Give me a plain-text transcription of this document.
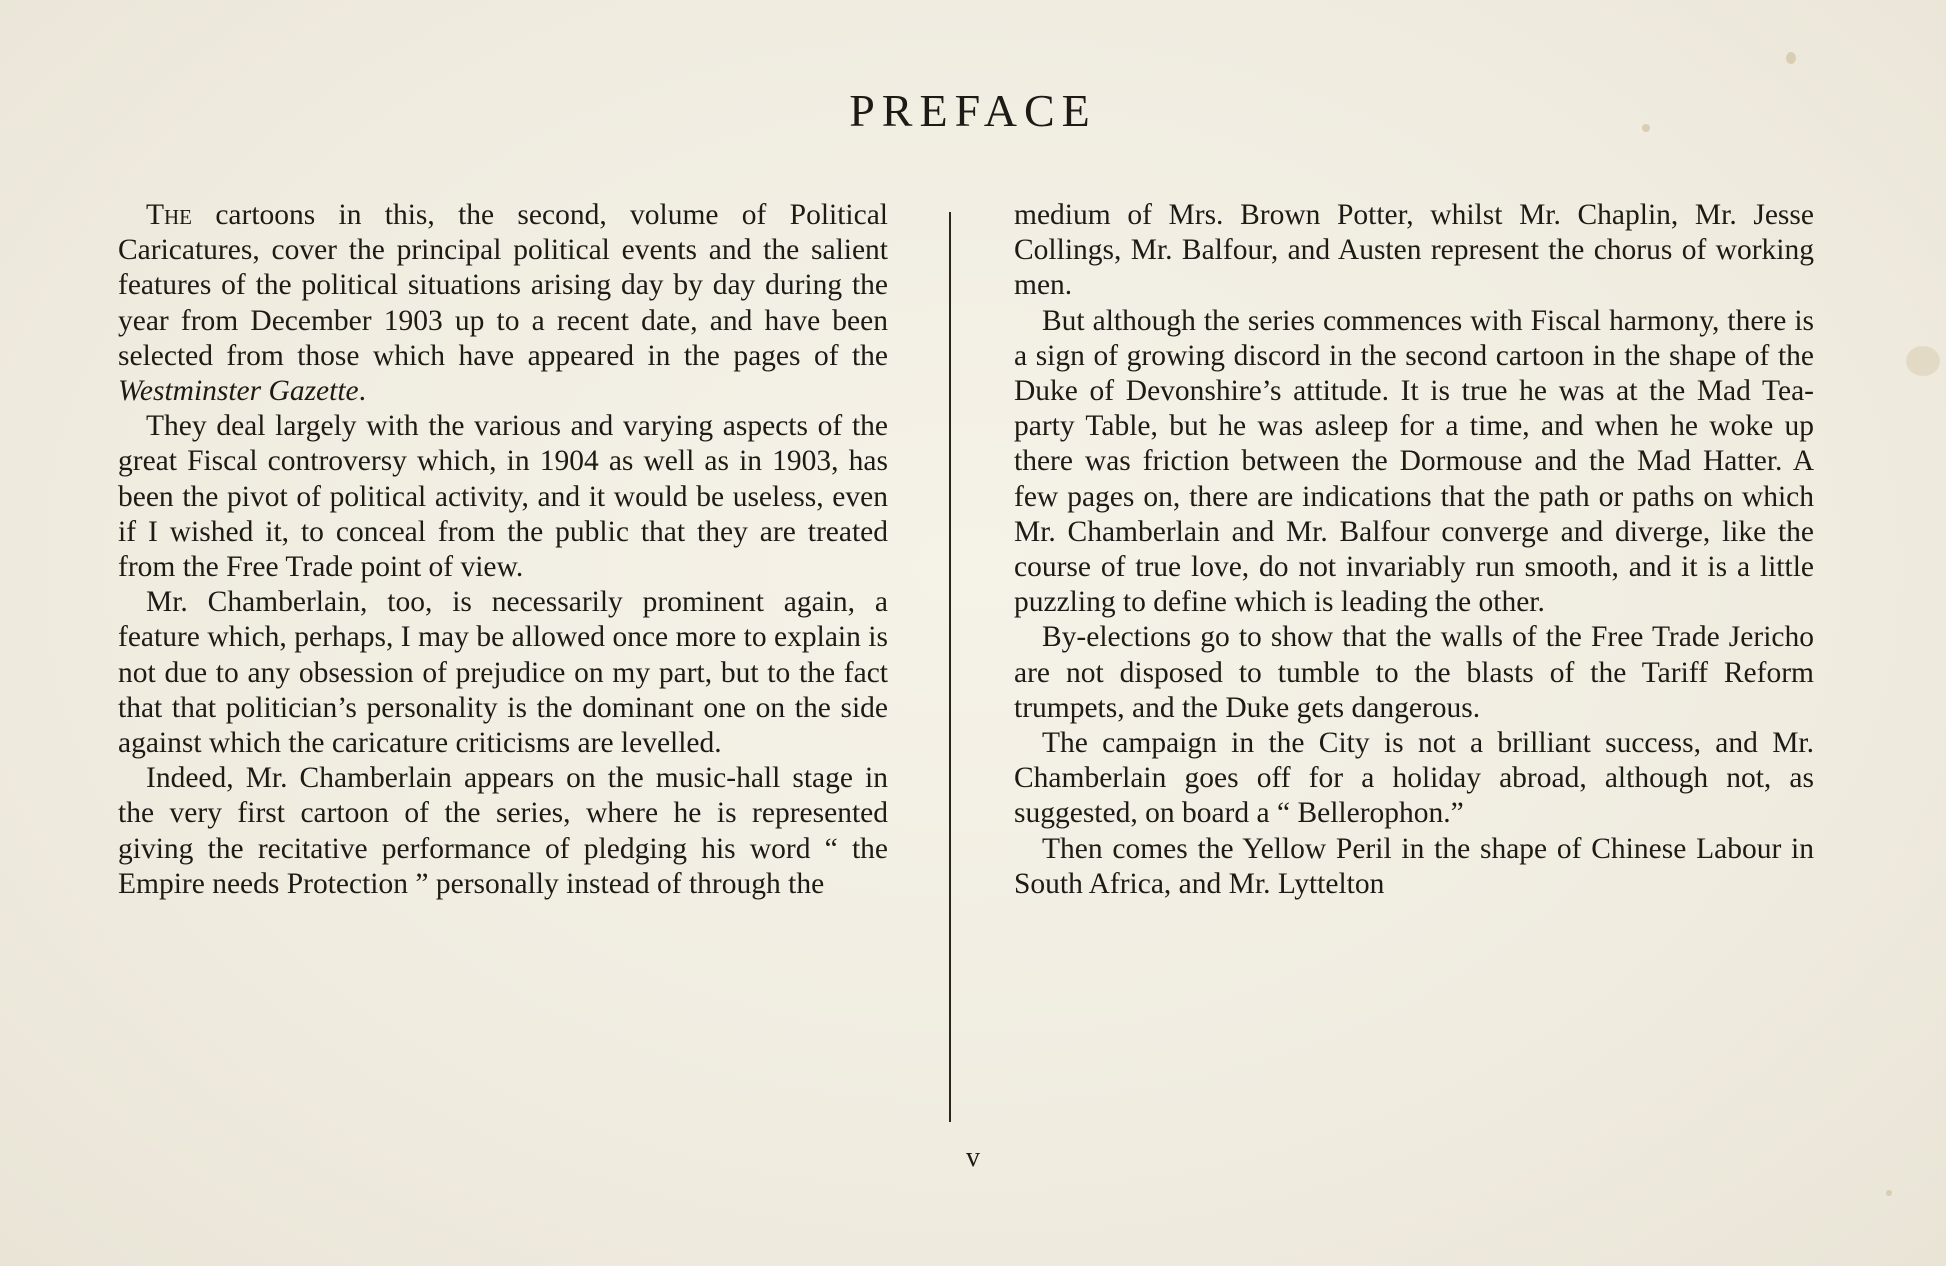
PREFACE

The cartoons in this, the second, volume of Political Caricatures, cover the principal political events and the salient features of the political situations arising day by day during the year from December 1903 up to a recent date, and have been selected from those which have appeared in the pages of the Westminster Gazette.

They deal largely with the various and varying aspects of the great Fiscal controversy which, in 1904 as well as in 1903, has been the pivot of political activity, and it would be useless, even if I wished it, to conceal from the public that they are treated from the Free Trade point of view.

Mr. Chamberlain, too, is necessarily prominent again, a feature which, perhaps, I may be allowed once more to explain is not due to any obsession of prejudice on my part, but to the fact that that politician’s personality is the dominant one on the side against which the caricature criticisms are levelled.

Indeed, Mr. Chamberlain appears on the music-hall stage in the very first cartoon of the series, where he is represented giving the recitative performance of pledging his word “ the Empire needs Protection ” personally instead of through the

medium of Mrs. Brown Potter, whilst Mr. Chaplin, Mr. Jesse Collings, Mr. Balfour, and Austen represent the chorus of working men.

But although the series commences with Fiscal harmony, there is a sign of growing discord in the second cartoon in the shape of the Duke of Devonshire’s attitude. It is true he was at the Mad Tea-party Table, but he was asleep for a time, and when he woke up there was friction between the Dormouse and the Mad Hatter. A few pages on, there are indications that the path or paths on which Mr. Chamberlain and Mr. Balfour converge and diverge, like the course of true love, do not invariably run smooth, and it is a little puzzling to define which is leading the other.

By-elections go to show that the walls of the Free Trade Jericho are not disposed to tumble to the blasts of the Tariff Reform trumpets, and the Duke gets dangerous.

The campaign in the City is not a brilliant success, and Mr. Chamberlain goes off for a holiday abroad, although not, as suggested, on board a “ Bellerophon.”

Then comes the Yellow Peril in the shape of Chinese Labour in South Africa, and Mr. Lyttelton

v
